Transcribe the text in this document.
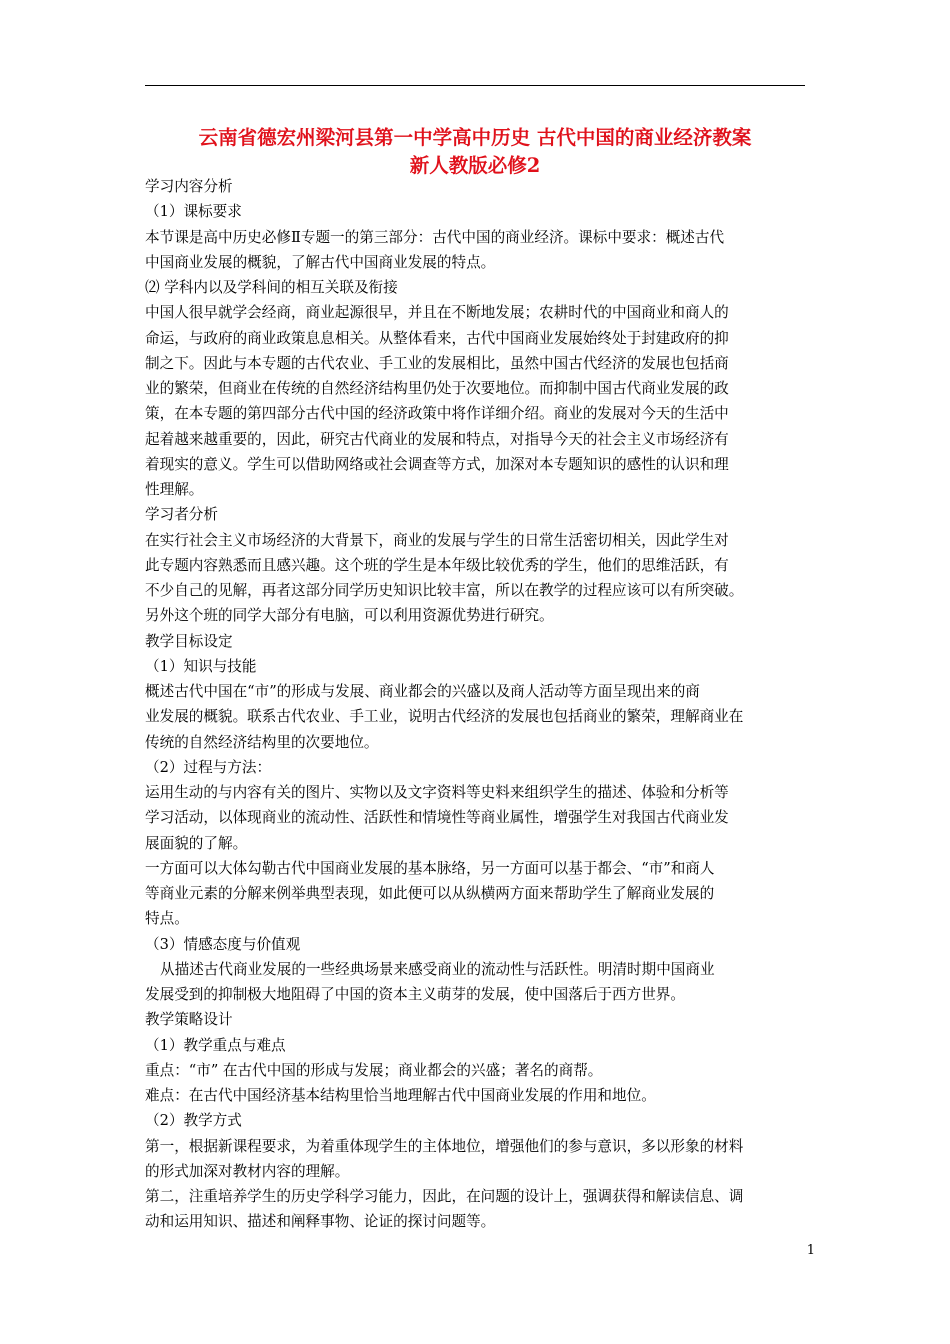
云南省德宏州梁河县第一中学高中历史 古代中国的商业经济教案
新人教版必修2

学习内容分析

（1）课标要求

本节课是高中历史必修Ⅱ专题一的第三部分：古代中国的商业经济。课标中要求：概述古代

中国商业发展的概貌，了解古代中国商业发展的特点。

⑵ 学科内以及学科间的相互关联及衔接

中国人很早就学会经商，商业起源很早，并且在不断地发展；农耕时代的中国商业和商人的

命运，与政府的商业政策息息相关。从整体看来，古代中国商业发展始终处于封建政府的抑

制之下。因此与本专题的古代农业、手工业的发展相比，虽然中国古代经济的发展也包括商

业的繁荣，但商业在传统的自然经济结构里仍处于次要地位。而抑制中国古代商业发展的政

策，在本专题的第四部分古代中国的经济政策中将作详细介绍。商业的发展对今天的生活中

起着越来越重要的，因此，研究古代商业的发展和特点，对指导今天的社会主义市场经济有

着现实的意义。学生可以借助网络或社会调查等方式，加深对本专题知识的感性的认识和理

性理解。

学习者分析

在实行社会主义市场经济的大背景下，商业的发展与学生的日常生活密切相关，因此学生对

此专题内容熟悉而且感兴趣。这个班的学生是本年级比较优秀的学生，他们的思维活跃，有

不少自己的见解，再者这部分同学历史知识比较丰富，所以在教学的过程应该可以有所突破。

另外这个班的同学大部分有电脑，可以利用资源优势进行研究。

教学目标设定

（1）知识与技能

概述古代中国在“市”的形成与发展、商业都会的兴盛以及商人活动等方面呈现出来的商

业发展的概貌。联系古代农业、手工业，说明古代经济的发展也包括商业的繁荣，理解商业在

传统的自然经济结构里的次要地位。

（2）过程与方法：

运用生动的与内容有关的图片、实物以及文字资料等史料来组织学生的描述、体验和分析等

学习活动，以体现商业的流动性、活跃性和情境性等商业属性，增强学生对我国古代商业发

展面貌的了解。

一方面可以大体勾勒古代中国商业发展的基本脉络，另一方面可以基于都会、“市”和商人

等商业元素的分解来例举典型表现，如此便可以从纵横两方面来帮助学生了解商业发展的

特点。

（3）情感态度与价值观

从描述古代商业发展的一些经典场景来感受商业的流动性与活跃性。明清时期中国商业

发展受到的抑制极大地阻碍了中国的资本主义萌芽的发展，使中国落后于西方世界。

教学策略设计

（1）教学重点与难点

重点：“市” 在古代中国的形成与发展；商业都会的兴盛；著名的商帮。

难点：在古代中国经济基本结构里恰当地理解古代中国商业发展的作用和地位。

（2）教学方式

第一，根据新课程要求，为着重体现学生的主体地位，增强他们的参与意识，多以形象的材料

的形式加深对教材内容的理解。

第二，注重培养学生的历史学科学习能力，因此，在问题的设计上，强调获得和解读信息、调

动和运用知识、描述和阐释事物、论证的探讨问题等。

1
